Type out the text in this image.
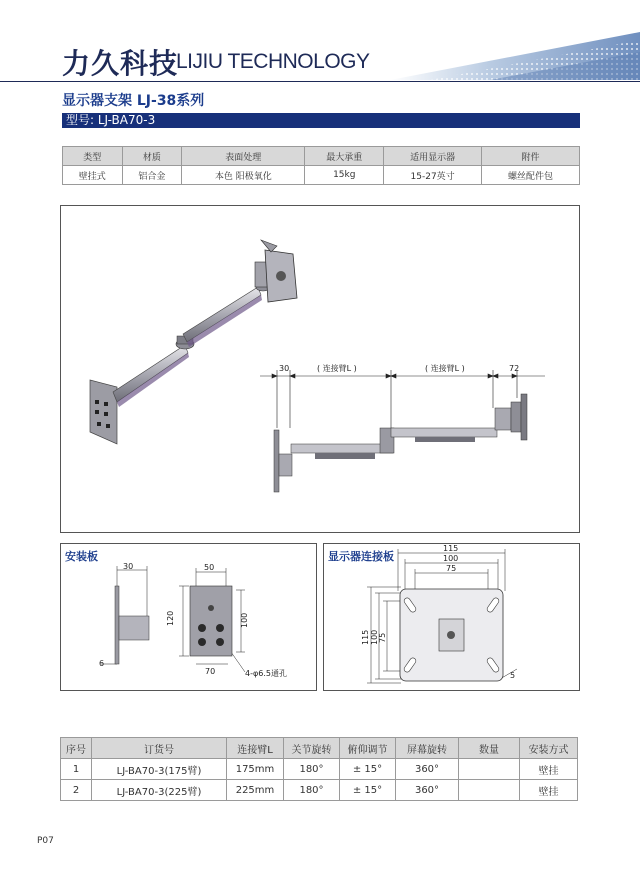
力久科技
LIJIU TECHNOLOGY
显示器支架 LJ-38系列
型号: LJ-BA70-3
类型	材质	表面处理	最大承重	适用显示器	附件
壁挂式	铝合金	本色 阳极氧化	15kg	15-27英寸	螺丝配件包
30	( 连接臂L )	( 连接臂L )	72
安装板
30
6
50
120	100
70	4-φ6.5通孔
显示器连接板
115
100
75
115 100 75
5
序号	订货号	连接臂L	关节旋转	俯仰调节	屏幕旋转	数量	安装方式
1	LJ-BA70-3(175臂)	175mm	180°	± 15°	360°		壁挂
2	LJ-BA70-3(225臂)	225mm	180°	± 15°	360°		壁挂
P07
